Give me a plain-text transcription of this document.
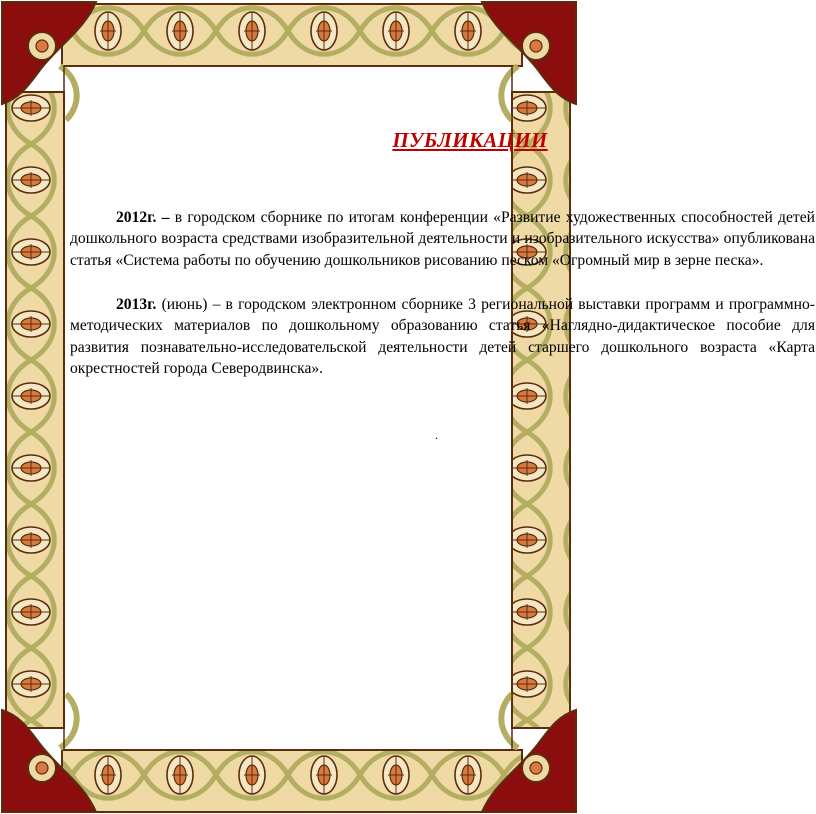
ПУБЛИКАЦИИ

2012г. – в городском сборнике по итогам конференции «Развитие художественных способностей детей дошкольного возраста средствами изобразительной деятельности и изобразительного искусства» опубликована статья «Система работы по обучению дошкольников рисованию песком «Огромный мир в зерне песка».

2013г. (июнь) – в городском электронном сборнике 3 региональной выставки программ и программно-методических материалов по дошкольному образованию статья «Наглядно-дидактическое пособие для развития познавательно-исследовательской деятельности детей старшего дошкольного возраста «Карта окрестностей города Северодвинска».

.
